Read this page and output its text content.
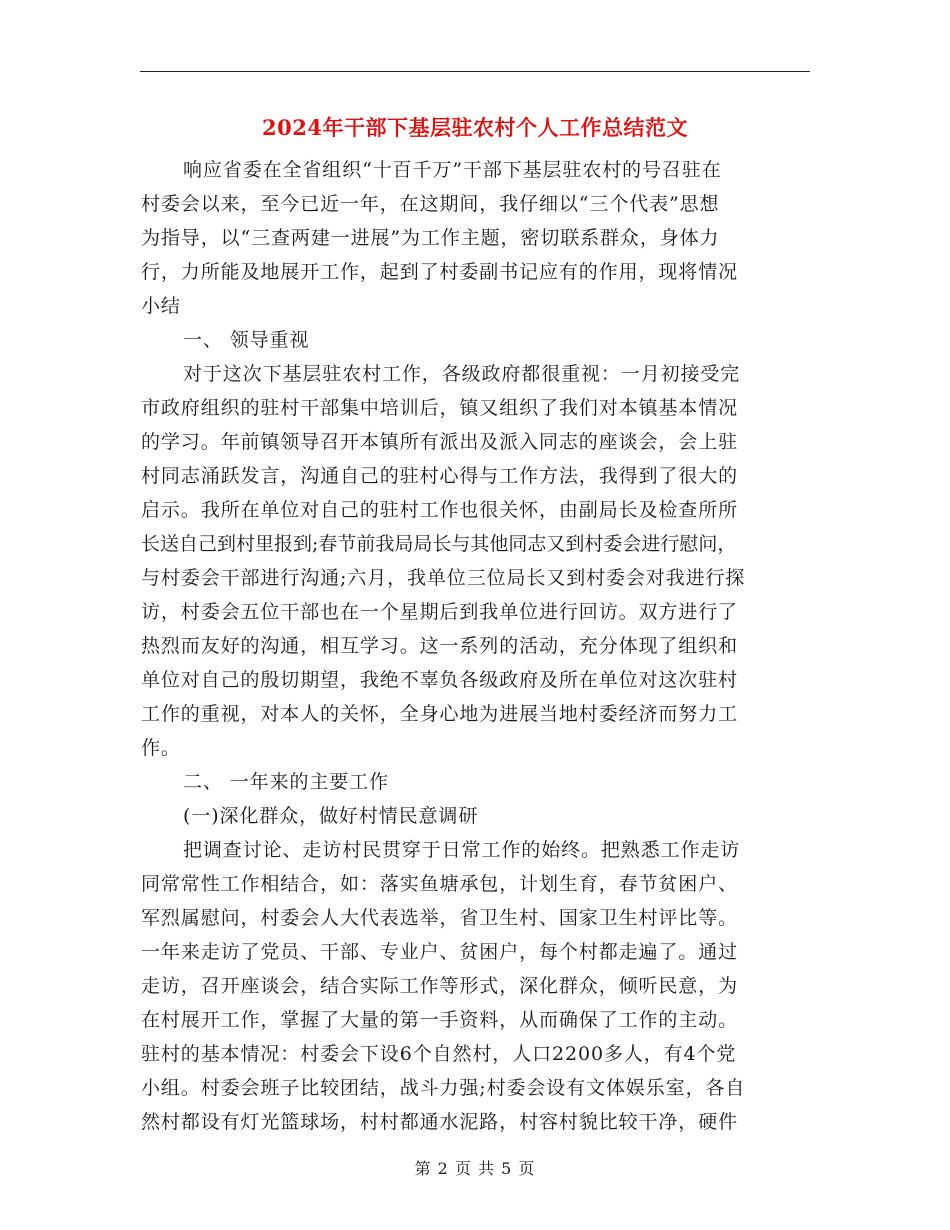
2024年干部下基层驻农村个人工作总结范文
响应省委在全省组织“十百千万”干部下基层驻农村的号召驻在
村委会以来，至今已近一年，在这期间，我仔细以“三个代表”思想
为指导，以“三查两建一进展”为工作主题，密切联系群众，身体力
行，力所能及地展开工作，起到了村委副书记应有的作用，现将情况
小结
一、 领导重视
对于这次下基层驻农村工作，各级政府都很重视：一月初接受完
市政府组织的驻村干部集中培训后，镇又组织了我们对本镇基本情况
的学习。年前镇领导召开本镇所有派出及派入同志的座谈会，会上驻
村同志涌跃发言，沟通自己的驻村心得与工作方法，我得到了很大的
启示。我所在单位对自己的驻村工作也很关怀，由副局长及检查所所
长送自己到村里报到;春节前我局局长与其他同志又到村委会进行慰问，
与村委会干部进行沟通;六月，我单位三位局长又到村委会对我进行探
访，村委会五位干部也在一个星期后到我单位进行回访。双方进行了
热烈而友好的沟通，相互学习。这一系列的活动，充分体现了组织和
单位对自己的殷切期望，我绝不辜负各级政府及所在单位对这次驻村
工作的重视，对本人的关怀，全身心地为进展当地村委经济而努力工
作。
二、 一年来的主要工作
(一)深化群众，做好村情民意调研
把调查讨论、走访村民贯穿于日常工作的始终。把熟悉工作走访
同常常性工作相结合，如：落实鱼塘承包，计划生育，春节贫困户、
军烈属慰问，村委会人大代表选举，省卫生村、国家卫生村评比等。
一年来走访了党员、干部、专业户、贫困户，每个村都走遍了。通过
走访，召开座谈会，结合实际工作等形式，深化群众，倾听民意，为
在村展开工作，掌握了大量的第一手资料，从而确保了工作的主动。
驻村的基本情况：村委会下设6个自然村，人口2200多人，有4个党
小组。村委会班子比较团结，战斗力强;村委会设有文体娱乐室，各自
然村都设有灯光篮球场，村村都通水泥路，村容村貌比较干净，硬件
第 2 页 共 5 页
